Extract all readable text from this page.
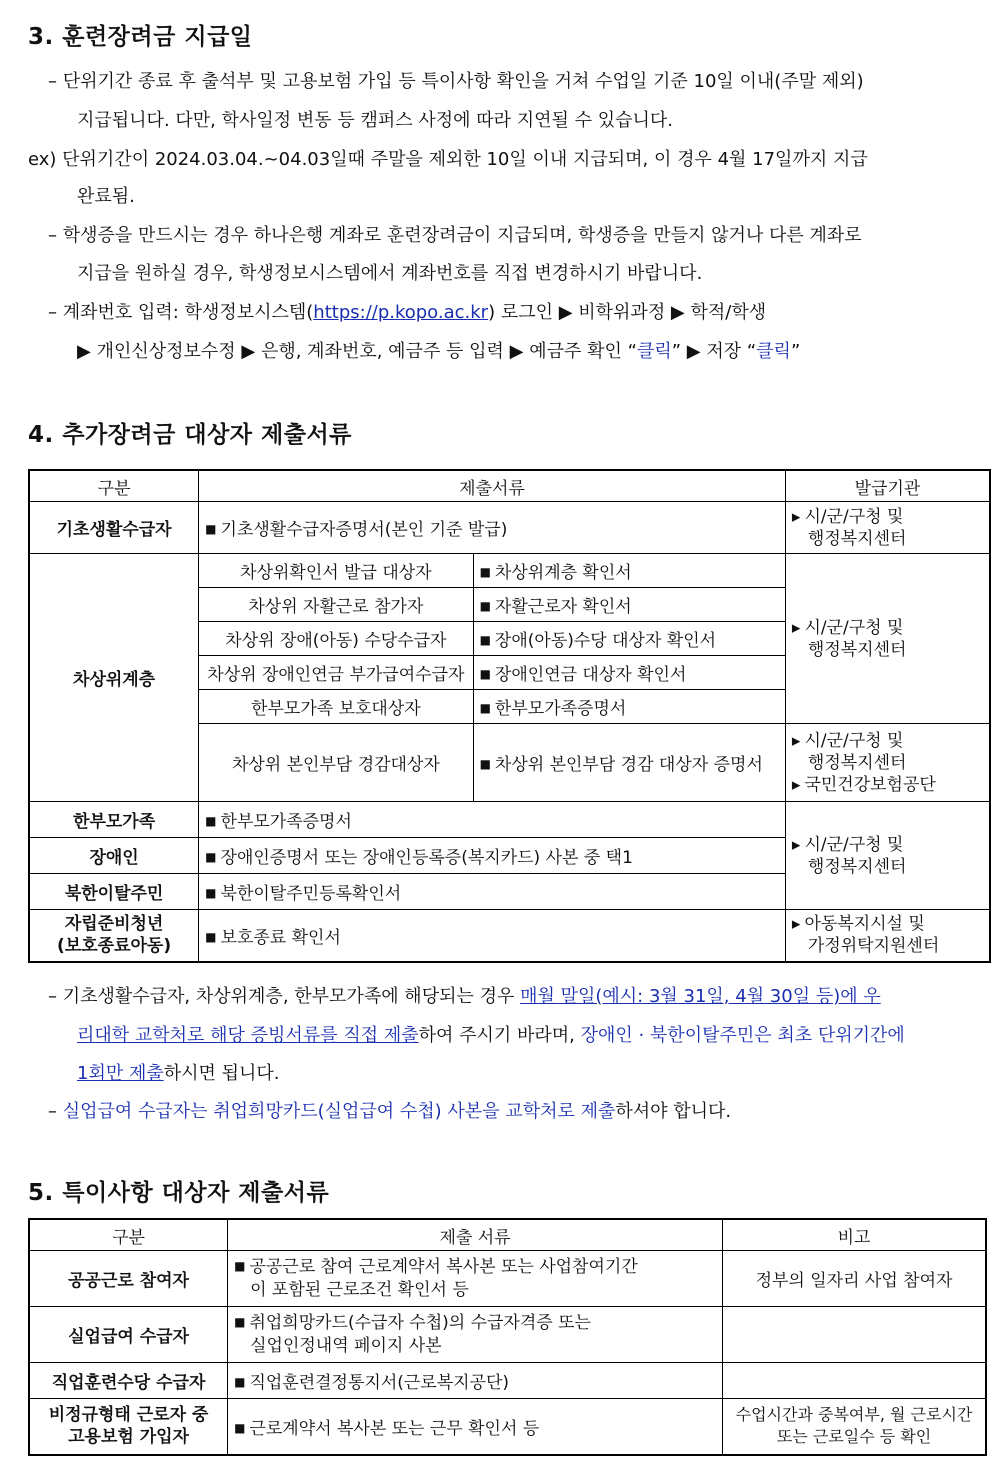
3. 훈련장려금 지급일
– 단위기간 종료 후 출석부 및 고용보험 가입 등 특이사항 확인을 거쳐 수업일 기준 10일 이내(주말 제외)
지급됩니다. 다만, 학사일정 변동 등 캠퍼스 사정에 따라 지연될 수 있습니다.
ex) 단위기간이 2024.03.04.~04.03일때 주말을 제외한 10일 이내 지급되며, 이 경우 4월 17일까지 지급
완료됨.
– 학생증을 만드시는 경우 하나은행 계좌로 훈련장려금이 지급되며, 학생증을 만들지 않거나 다른 계좌로
지급을 원하실 경우, 학생정보시스템에서 계좌번호를 직접 변경하시기 바랍니다.
– 계좌번호 입력: 학생정보시스템(https://p.kopo.ac.kr) 로그인 ▶ 비학위과정 ▶ 학적/학생
▶ 개인신상정보수정 ▶ 은행, 계좌번호, 예금주 등 입력 ▶ 예금주 확인 “클릭” ▶ 저장 “클릭”
4. 추가장려금 대상자 제출서류
구분	제출서류		발급기관
기초생활수급자	■ 기초생활수급자증명서(본인 기준 발급)		▸ 시/군/구청 및
행정복지센터

차상위계층	차상위확인서 발급 대상자	■ 차상위계층 확인서	▸ 시/군/구청 및
행정복지센터

	차상위 자활근로 참가자	■ 자활근로자 확인서
	차상위 장애(아동) 수당수급자	■ 장애(아동)수당 대상자 확인서
	차상위 장애인연금 부가급여수급자	■ 장애인연금 대상자 확인서
	한부모가족 보호대상자	■ 한부모가족증명서
	차상위 본인부담 경감대상자	■ 차상위 본인부담 경감 대상자 증명서	▸ 시/군/구청 및
행정복지센터
▸ 국민건강보험공단

한부모가족	■ 한부모가족증명서		▸ 시/군/구청 및
행정복지센터

장애인	■ 장애인증명서 또는 장애인등록증(복지카드) 사본 중 택1
북한이탈주민	■ 북한이탈주민등록확인서

자립준비청년
(보호종료아동)	■ 보호종료 확인서		▸ 아동복지시설 및
가정위탁지원센터
– 기초생활수급자, 차상위계층, 한부모가족에 해당되는 경우 매월 말일(예시: 3월 31일, 4월 30일 등)에 우
리대학 교학처로 해당 증빙서류를 직접 제출하여 주시기 바라며, 장애인 · 북한이탈주민은 최초 단위기간에
1회만 제출하시면 됩니다.
– 실업급여 수급자는 취업희망카드(실업급여 수첩) 사본을 교학처로 제출하셔야 합니다.
5. 특이사항 대상자 제출서류
구분	제출 서류	비고
공공근로 참여자	■ 공공근로 참여 근로계약서 복사본 또는 사업참여기간
이 포함된 근로조건 확인서 등	정부의 일자리 사업 참여자
실업급여 수급자	■ 취업희망카드(수급자 수첩)의 수급자격증 또는
실업인정내역 페이지 사본

직업훈련수당 수급자	■ 직업훈련결정통지서(근로복지공단)	

비정규형태 근로자 중
고용보험 가입자	■ 근로계약서 복사본 또는 근무 확인서 등	수업시간과 중복여부, 월 근로시간
또는 근로일수 등 확인
